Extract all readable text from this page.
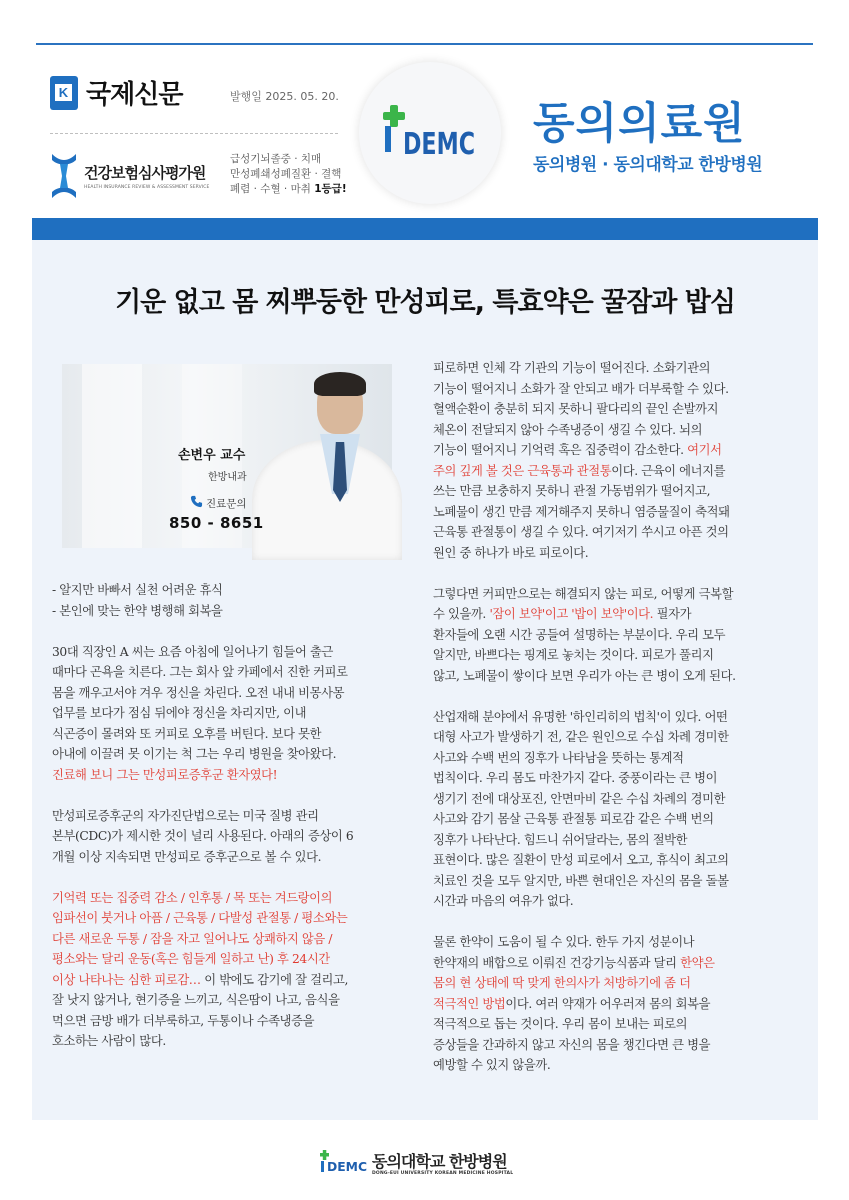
K 국제신문	발행일 2025. 05. 20.
건강보험심사평가원
HEALTH INSURANCE REVIEW & ASSESSMENT SERVICE
급성기뇌졸중 · 치매
만성폐쇄성폐질환 · 결핵
폐렴 · 수혈 · 마취 1등급!
DEMC 동의의료원
동의병원 · 동의대학교 한방병원
기운 없고 몸 찌뿌둥한 만성피로, 특효약은 꿀잠과 밥심
손변우 교수
한방내과
진료문의
850 - 8651
- 알지만 바빠서 실천 어려운 휴식
- 본인에 맞는 한약 병행해 회복을
30대 직장인 A 씨는 요즘 아침에 일어나기 힘들어 출근
때마다 곤욕을 치른다. 그는 회사 앞 카페에서 진한 커피로
몸을 깨우고서야 겨우 정신을 차린다. 오전 내내 비몽사몽
업무를 보다가 점심 뒤에야 정신을 차리지만, 이내
식곤증이 몰려와 또 커피로 오후를 버틴다. 보다 못한
아내에 이끌려 못 이기는 척 그는 우리 병원을 찾아왔다.
진료해 보니 그는 만성피로증후군 환자였다!
만성피로증후군의 자가진단법으로는 미국 질병 관리
본부(CDC)가 제시한 것이 널리 사용된다. 아래의 증상이 6
개월 이상 지속되면 만성피로 증후군으로 볼 수 있다.
기억력 또는 집중력 감소 / 인후통 / 목 또는 겨드랑이의
임파선이 붓거나 아픔 / 근육통 / 다발성 관절통 / 평소와는
다른 새로운 두통 / 잠을 자고 일어나도 상쾌하지 않음 /
평소와는 달리 운동(혹은 힘들게 일하고 난) 후 24시간
이상 나타나는 심한 피로감… 이 밖에도 감기에 잘 걸리고,
잘 낫지 않거나, 현기증을 느끼고, 식은땀이 나고, 음식을
먹으면 금방 배가 더부룩하고, 두통이나 수족냉증을
호소하는 사람이 많다.
피로하면 인체 각 기관의 기능이 떨어진다. 소화기관의
기능이 떨어지니 소화가 잘 안되고 배가 더부룩할 수 있다.
혈액순환이 충분히 되지 못하니 팔다리의 끝인 손발까지
체온이 전달되지 않아 수족냉증이 생길 수 있다. 뇌의
기능이 떨어지니 기억력 혹은 집중력이 감소한다. 여기서
주의 깊게 볼 것은 근육통과 관절통이다. 근육이 에너지를
쓰는 만큼 보충하지 못하니 관절 가동범위가 떨어지고,
노폐물이 생긴 만큼 제거해주지 못하니 염증물질이 축적돼
근육통 관절통이 생길 수 있다. 여기저기 쑤시고 아픈 것의
원인 중 하나가 바로 피로이다.
그렇다면 커피만으로는 해결되지 않는 피로, 어떻게 극복할
수 있을까. '잠이 보약'이고 '밥이 보약'이다. 필자가
환자들에 오랜 시간 공들여 설명하는 부분이다. 우리 모두
알지만, 바쁘다는 핑계로 놓치는 것이다. 피로가 풀리지
않고, 노폐물이 쌓이다 보면 우리가 아는 큰 병이 오게 된다.
산업재해 분야에서 유명한 '하인리히의 법칙'이 있다. 어떤
대형 사고가 발생하기 전, 같은 원인으로 수십 차례 경미한
사고와 수백 번의 징후가 나타남을 뜻하는 통계적
법칙이다. 우리 몸도 마찬가지 같다. 중풍이라는 큰 병이
생기기 전에 대상포진, 안면마비 같은 수십 차례의 경미한
사고와 감기 몸살 근육통 관절통 피로감 같은 수백 번의
징후가 나타난다. 힘드니 쉬어달라는, 몸의 절박한
표현이다. 많은 질환이 만성 피로에서 오고, 휴식이 최고의
치료인 것을 모두 알지만, 바쁜 현대인은 자신의 몸을 돌볼
시간과 마음의 여유가 없다.
물론 한약이 도움이 될 수 있다. 한두 가지 성분이나
한약재의 배합으로 이뤄진 건강기능식품과 달리 한약은
몸의 현 상태에 딱 맞게 한의사가 처방하기에 좀 더
적극적인 방법이다. 여러 약재가 어우러져 몸의 회복을
적극적으로 돕는 것이다. 우리 몸이 보내는 피로의
증상들을 간과하지 않고 자신의 몸을 챙긴다면 큰 병을
예방할 수 있지 않을까.
DEMC 동의대학교 한방병원
DONG-EUI UNIVERSITY KOREAN MEDICINE HOSPITAL
